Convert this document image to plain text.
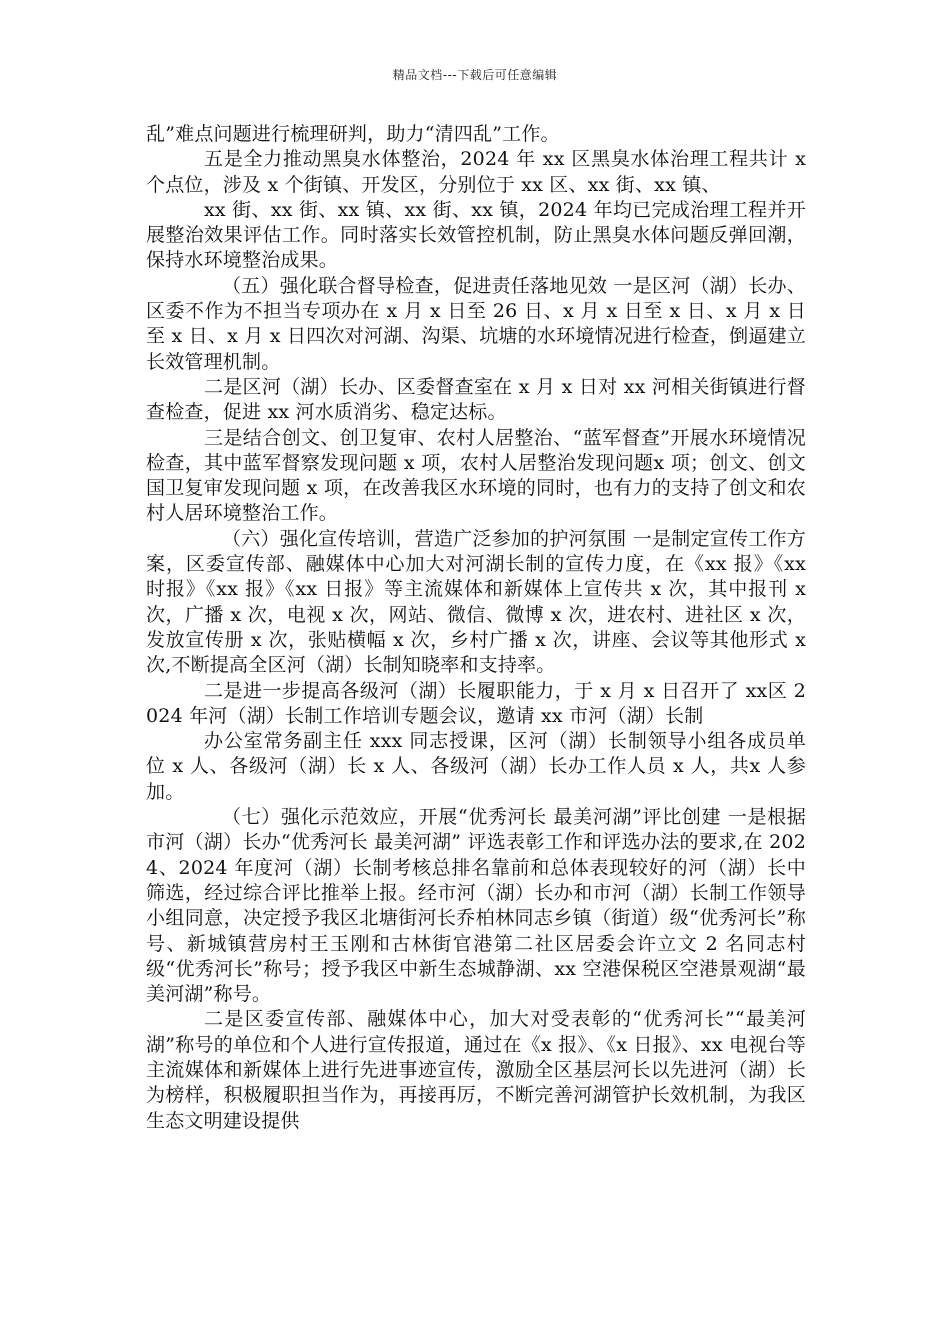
精品文档---下载后可任意编辑

乱”难点问题进行梳理研判，助力“清四乱”工作。

五是全力推动黑臭水体整治，2024 年 xx 区黑臭水体治理工程共计 x 个点位，涉及 x 个街镇、开发区，分别位于 xx 区、xx 街、xx 镇、

xx 街、xx 街、xx 镇、xx 街、xx 镇，2024 年均已完成治理工程并开展整治效果评估工作。同时落实长效管控机制，防止黑臭水体问题反弹回潮，保持水环境整治成果。

（五）强化联合督导检查，促进责任落地见效 一是区河（湖）长办、区委不作为不担当专项办在 x 月 x 日至 26 日、x 月 x 日至 x 日、x 月 x 日至 x 日、x 月 x 日四次对河湖、沟渠、坑塘的水环境情况进行检查，倒逼建立长效管理机制。

二是区河（湖）长办、区委督查室在 x 月 x 日对 xx 河相关街镇进行督查检查，促进 xx 河水质消劣、稳定达标。

三是结合创文、创卫复审、农村人居整治、“蓝军督查”开展水环境情况检查，其中蓝军督察发现问题 x 项，农村人居整治发现问题x 项；创文、创文国卫复审发现问题 x 项，在改善我区水环境的同时，也有力的支持了创文和农村人居环境整治工作。

（六）强化宣传培训，营造广泛参加的护河氛围 一是制定宣传工作方案，区委宣传部、融媒体中心加大对河湖长制的宣传力度，在《xx 报》《xx 时报》《xx 报》《xx 日报》等主流媒体和新媒体上宣传共 x 次，其中报刊 x 次，广播 x 次，电视 x 次，网站、微信、微博 x 次，进农村、进社区 x 次，发放宣传册 x 次，张贴横幅 x 次，乡村广播 x 次，讲座、会议等其他形式 x 次,不断提高全区河（湖）长制知晓率和支持率。

二是进一步提高各级河（湖）长履职能力，于 x 月 x 日召开了 xx区 2024 年河（湖）长制工作培训专题会议，邀请 xx 市河（湖）长制

办公室常务副主任 xxx 同志授课，区河（湖）长制领导小组各成员单位 x 人、各级河（湖）长 x 人、各级河（湖）长办工作人员 x 人，共x 人参加。

（七）强化示范效应，开展“优秀河长 最美河湖”评比创建 一是根据市河（湖）长办“优秀河长 最美河湖” 评选表彰工作和评选办法的要求,在 2024、2024 年度河（湖）长制考核总排名靠前和总体表现较好的河（湖）长中筛选，经过综合评比推举上报。经市河（湖）长办和市河（湖）长制工作领导小组同意，决定授予我区北塘街河长乔柏林同志乡镇（街道）级“优秀河长”称号、新城镇营房村王玉刚和古林街官港第二社区居委会许立文 2 名同志村级“优秀河长”称号；授予我区中新生态城静湖、xx 空港保税区空港景观湖“最美河湖”称号。

二是区委宣传部、融媒体中心，加大对受表彰的“优秀河长”“最美河湖”称号的单位和个人进行宣传报道，通过在《x 报》、《x 日报》、xx 电视台等主流媒体和新媒体上进行先进事迹宣传，激励全区基层河长以先进河（湖）长为榜样，积极履职担当作为，再接再厉，不断完善河湖管护长效机制，为我区生态文明建设提供
